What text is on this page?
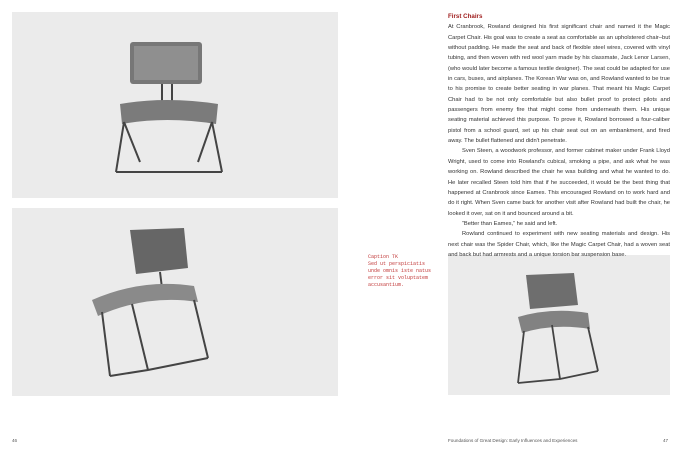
First Chairs

At Cranbrook, Rowland designed his first significant chair and named it the Magic Carpet Chair. His goal was to create a seat as comfortable as an upholstered chair–but without padding. He made the seat and back of flexible steel wires, covered with vinyl tubing, and then woven with red wool yarn made by his classmate, Jack Lenor Larsen, (who would later become a famous textile designer). The seat could be adapted for use in cars, buses, and airplanes. The Korean War was on, and Rowland wanted to be true to his promise to create better seating in war planes. That meant his Magic Carpet Chair had to be not only comfortable but also bullet proof to protect pilots and passengers from enemy fire that might come from underneath them. His unique seating material achieved this purpose. To prove it, Rowland borrowed a four-caliber pistol from a school guard, set up his chair seat out on an embankment, and fired away. The bullet flattened and didn't penetrate.

Sven Steen, a woodwork professor, and former cabinet maker under Frank Lloyd Wright, used to come into Rowland's cubical, smoking a pipe, and ask what he was working on. Rowland described the chair he was building and what he wanted to do. He later recalled Steen told him that if he succeeded, it would be the best thing that happened at Cranbrook since Eames. This encouraged Rowland on to work hard and do it right. When Sven came back for another visit after Rowland had built the chair, he looked it over, sat on it and bounced around a bit.

“Better than Eames,” he said and left.

Rowland continued to experiment with new seating materials and design. His next chair was the Spider Chair, which, like the Magic Carpet Chair, had a woven seat and back but had armrests and a unique torsion bar suspension base.

Caption TK
Sed ut perspiciatis
unde omnis iste natus
error sit voluptatem
accusantium.
46	Foundations of Great Design: Early Influences and Experiences	47
